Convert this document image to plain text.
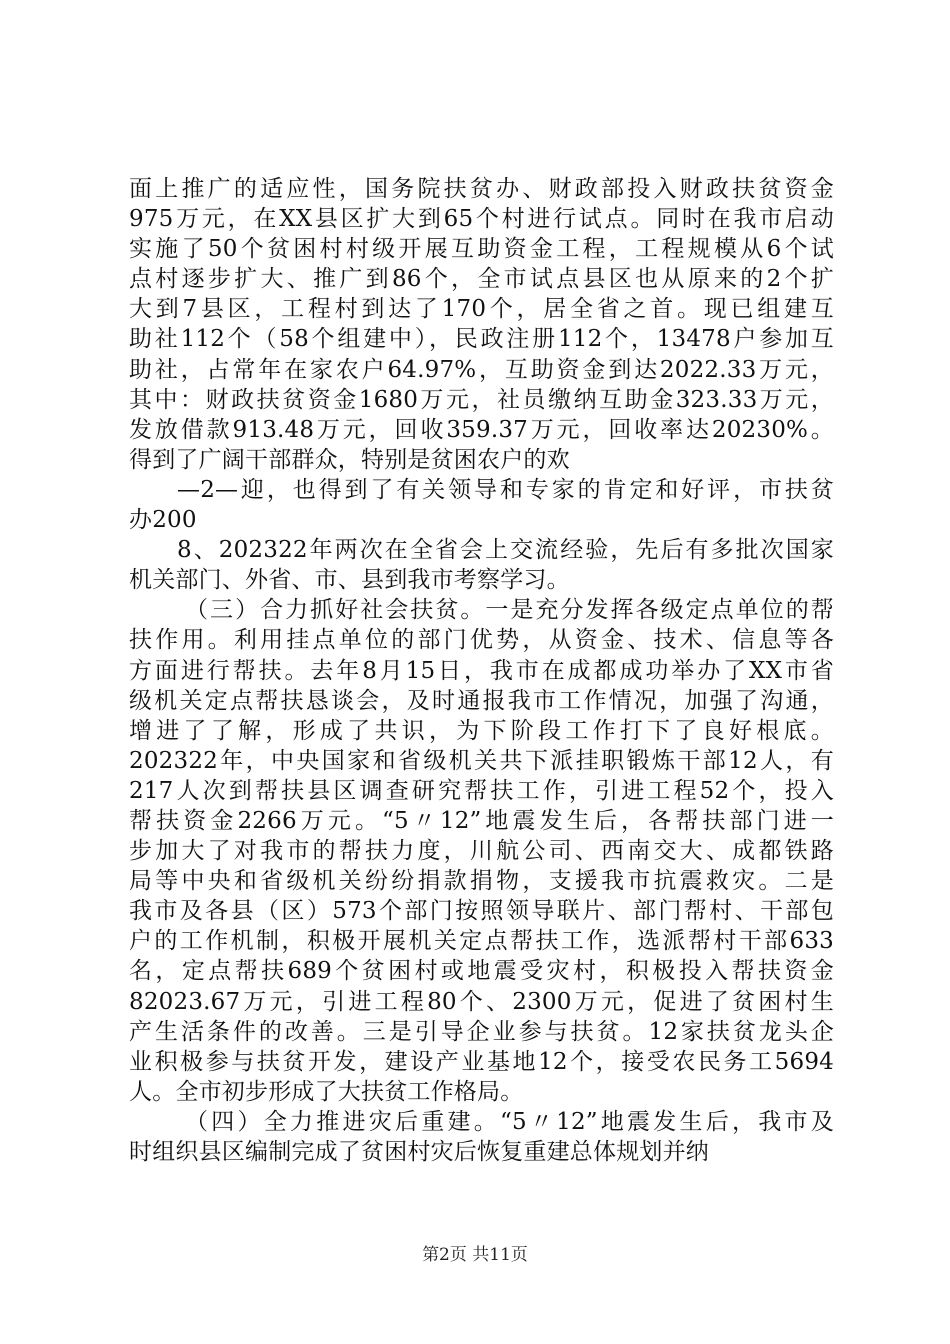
面上推广的适应性，国务院扶贫办、财政部投入财政扶贫资金
975万元，在XX县区扩大到65个村进行试点。同时在我市启动
实施了50个贫困村村级开展互助资金工程，工程规模从6个试
点村逐步扩大、推广到86个，全市试点县区也从原来的2个扩
大到7县区，工程村到达了170个，居全省之首。现已组建互
助社112个（58个组建中），民政注册112个，13478户参加互
助社，占常年在家农户64.97%，互助资金到达2022.33万元，
其中：财政扶贫资金1680万元，社员缴纳互助金323.33万元，
发放借款913.48万元，回收359.37万元，回收率达20230%。
得到了广阔干部群众，特别是贫困农户的欢
—2—迎，也得到了有关领导和专家的肯定和好评，市扶贫
办200
8、202322年两次在全省会上交流经验，先后有多批次国家
机关部门、外省、市、县到我市考察学习。
（三）合力抓好社会扶贫。一是充分发挥各级定点单位的帮
扶作用。利用挂点单位的部门优势，从资金、技术、信息等各
方面进行帮扶。去年8月15日，我市在成都成功举办了XX市省
级机关定点帮扶恳谈会，及时通报我市工作情况，加强了沟通，
增进了了解，形成了共识，为下阶段工作打下了良好根底。
202322年，中央国家和省级机关共下派挂职锻炼干部12人，有
217人次到帮扶县区调查研究帮扶工作，引进工程52个，投入
帮扶资金2266万元。“5〃12”地震发生后，各帮扶部门进一
步加大了对我市的帮扶力度，川航公司、西南交大、成都铁路
局等中央和省级机关纷纷捐款捐物，支援我市抗震救灾。二是
我市及各县（区）573个部门按照领导联片、部门帮村、干部包
户的工作机制，积极开展机关定点帮扶工作，选派帮村干部633
名，定点帮扶689个贫困村或地震受灾村，积极投入帮扶资金
82023.67万元，引进工程80个、2300万元，促进了贫困村生
产生活条件的改善。三是引导企业参与扶贫。12家扶贫龙头企
业积极参与扶贫开发，建设产业基地12个，接受农民务工5694
人。全市初步形成了大扶贫工作格局。
（四）全力推进灾后重建。“5〃12”地震发生后，我市及
时组织县区编制完成了贫困村灾后恢复重建总体规划并纳
第2页 共11页
